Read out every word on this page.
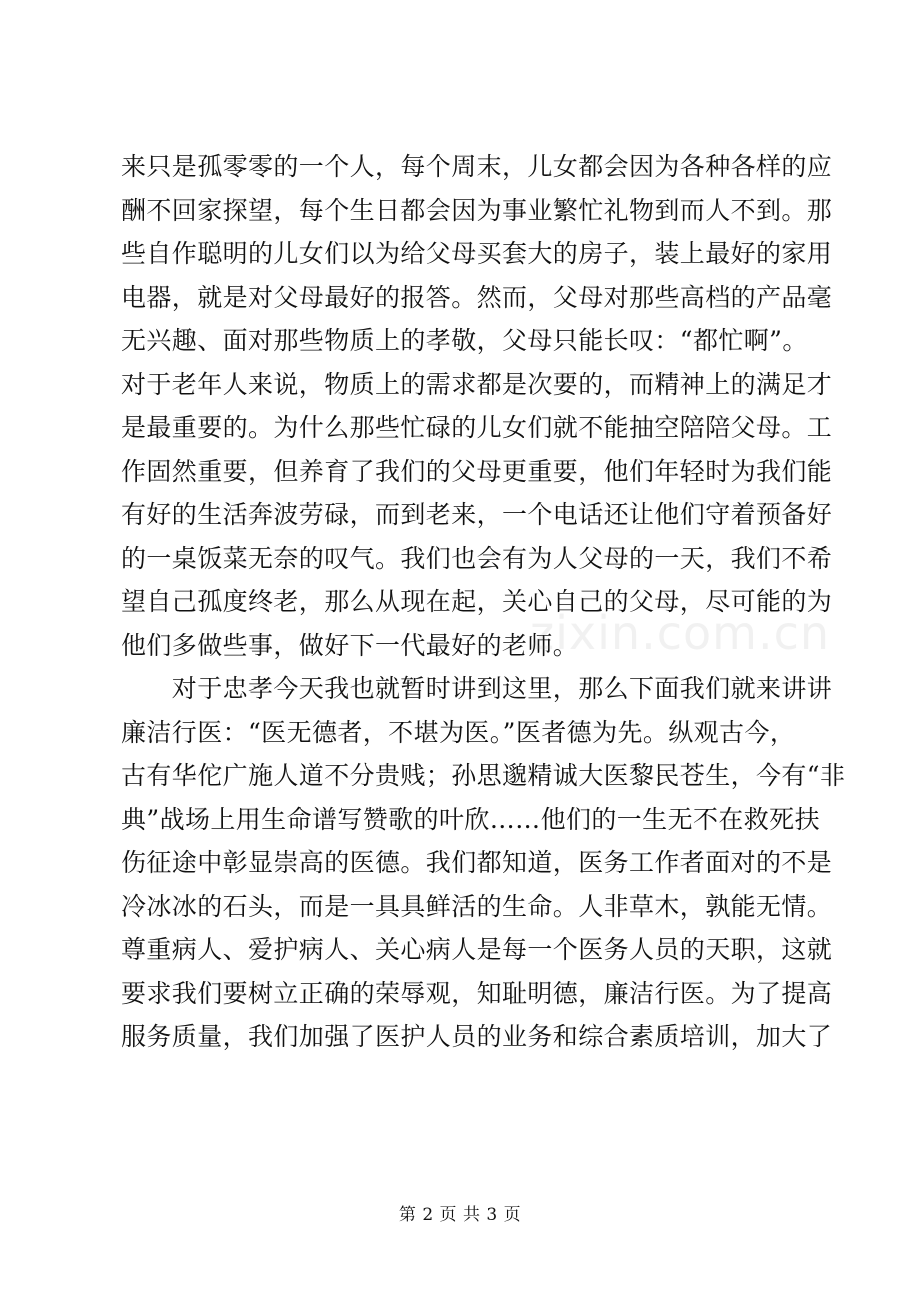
来只是孤零零的一个人，每个周末，儿女都会因为各种各样的应
酬不回家探望，每个生日都会因为事业繁忙礼物到而人不到。那
些自作聪明的儿女们以为给父母买套大的房子，装上最好的家用
电器，就是对父母最好的报答。然而，父母对那些高档的产品毫
无兴趣、面对那些物质上的孝敬，父母只能长叹：“都忙啊”。
对于老年人来说，物质上的需求都是次要的，而精神上的满足才
是最重要的。为什么那些忙碌的儿女们就不能抽空陪陪父母。工
作固然重要，但养育了我们的父母更重要，他们年轻时为我们能
有好的生活奔波劳碌，而到老来，一个电话还让他们守着预备好
的一桌饭菜无奈的叹气。我们也会有为人父母的一天，我们不希
望自己孤度终老，那么从现在起，关心自己的父母，尽可能的为
他们多做些事，做好下一代最好的老师。
　　对于忠孝今天我也就暂时讲到这里，那么下面我们就来讲讲
廉洁行医：“医无德者，不堪为医。”医者德为先。纵观古今，
古有华佗广施人道不分贵贱；孙思邈精诚大医黎民苍生，今有“非
典”战场上用生命谱写赞歌的叶欣……他们的一生无不在救死扶
伤征途中彰显崇高的医德。我们都知道，医务工作者面对的不是
冷冰冰的石头，而是一具具鲜活的生命。人非草木，孰能无情。
尊重病人、爱护病人、关心病人是每一个医务人员的天职，这就
要求我们要树立正确的荣辱观，知耻明德，廉洁行医。为了提高
服务质量，我们加强了医护人员的业务和综合素质培训，加大了
zixin.com.cn
第 2 页 共 3 页
